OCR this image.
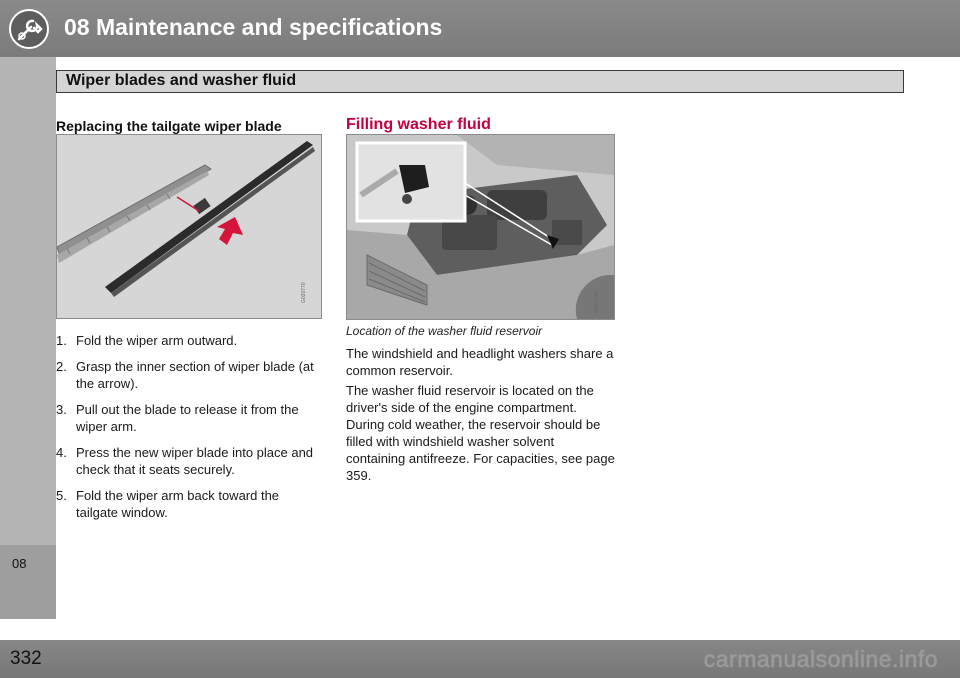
08 Maintenance and specifications
Wiper blades and washer fluid
08
Replacing the tailgate wiper blade
G020770
1. Fold the wiper arm outward.
2. Grasp the inner section of wiper blade (at the arrow).
3. Pull out the blade to release it from the wiper arm.
4. Press the new wiper blade into place and check that it seats securely.
5. Fold the wiper arm back toward the tailgate window.
Filling washer fluid
G021784
Location of the washer fluid reservoir

The windshield and headlight washers share a common reservoir.

The washer fluid reservoir is located on the driver's side of the engine compartment. During cold weather, the reservoir should be filled with windshield washer solvent containing antifreeze. For capacities, see page 359.

332	carmanualsonline.info
